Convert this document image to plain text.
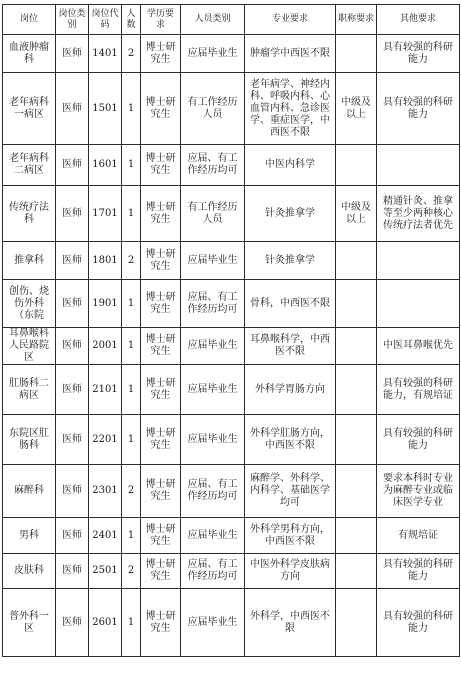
岗位	岗位类别	岗位代码	人数	学历要求	人员类别	专业要求	职称要求	其他要求
血液肿瘤科	医师	1401	2	博士研究生	应届毕业生	肿瘤学中西医不限		具有较强的科研能力
老年病科一病区	医师	1501	1	博士研究生	有工作经历人员	老年病学、神经内科、呼吸内科、心血管内科、急诊医学、重症医学，中西医不限	中级及以上	具有较强的科研能力
老年病科二病区	医师	1601	1	博士研究生	应届、有工作经历均可	中医内科学		
传统疗法科	医师	1701	1	博士研究生	有工作经历人员	针灸推拿学	中级及以上	精通针灸、推拿等至少两种核心传统疗法者优先
推拿科	医师	1801	2	博士研究生	应届毕业生	针灸推拿学		
创伤、烧伤外科（东院	医师	1901	1	博士研究生	应届、有工作经历均可	骨科，中西医不限		
耳鼻喉科人民路院区	医师	2001	1	博士研究生	应届毕业生	耳鼻喉科学，中西医不限		中医耳鼻喉优先
肛肠科二病区	医师	2101	1	博士研究生	应届毕业生	外科学胃肠方向		具有较强的科研能力，有规培证
东院区肛肠科	医师	2201	1	博士研究生	应届毕业生	外科学肛肠方向，中西医不限		具有较强的科研能力
麻醉科	医师	2301	2	博士研究生	应届、有工作经历均可	麻醉学、外科学、内科学、基础医学均可		要求本科时专业为麻醉专业或临床医学专业
男科	医师	2401	1	博士研究生	应届毕业生	外科学男科方向，中西医不限		有规培证
皮肤科	医师	2501	2	博士研究生	应届、有工作经历均可	中医外科学皮肤病方向		具有较强的科研能力
普外科一区	医师	2601	1	博士研究生	应届毕业生	外科学，中西医不限		具有较强的科研能力
